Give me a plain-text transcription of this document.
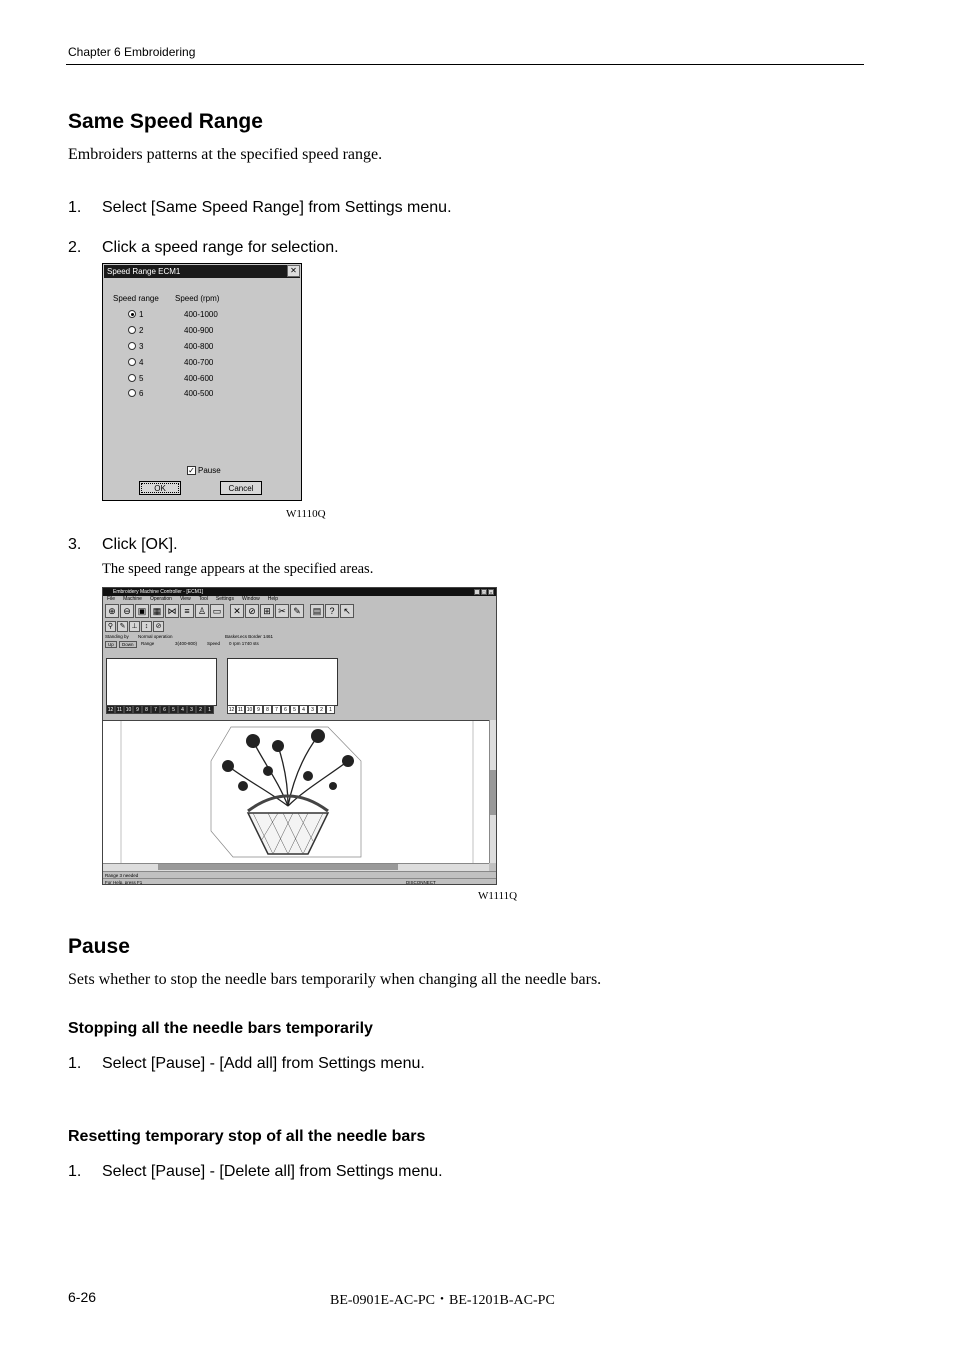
Chapter 6 Embroidering
Same Speed Range
Embroiders patterns at the specified speed range.
1. Select [Same Speed Range] from Settings menu.
2. Click a speed range for selection.
Speed Range ECM1	✕
Speed range Speed (rpm)
1	400-1000
2	400-900
3	400-800
4	400-700
5	400-600
6	400-500
✓ Pause
OK	Cancel
W1110Q
3. Click [OK].
The speed range appears at the specified areas.
Embroidery Machine Controller - [ECM1]	_	□	×
File Machine Operation View Tool Settings Window Help
⊕ ⊖ ▣ ▦ ⋈ ≡ ♙ ▭	✕ ⊘ ⊞ ✂ ✎	▤ ? ↖
⚲ ✎ ⊥	↕	⊘
Standing by Normal operation
Up	Down	Range	3(400-800) Speed
Basket.ecs Border 1461
0 rpm 1740 sts
12 11 10 9	8	7	6	5	4	3	2	1	12 11 10 9	8	7	6	5	4	3	2	1
Range 3 needed
For Help, press F1	DISCONNECT
W1111Q
Pause
Sets whether to stop the needle bars temporarily when changing all the needle bars.
Stopping all the needle bars temporarily
1. Select [Pause] - [Add all] from Settings menu.
Resetting temporary stop of all the needle bars
1. Select [Pause] - [Delete all] from Settings menu.
6-26	BE-0901E-AC-PC・BE-1201B-AC-PC
